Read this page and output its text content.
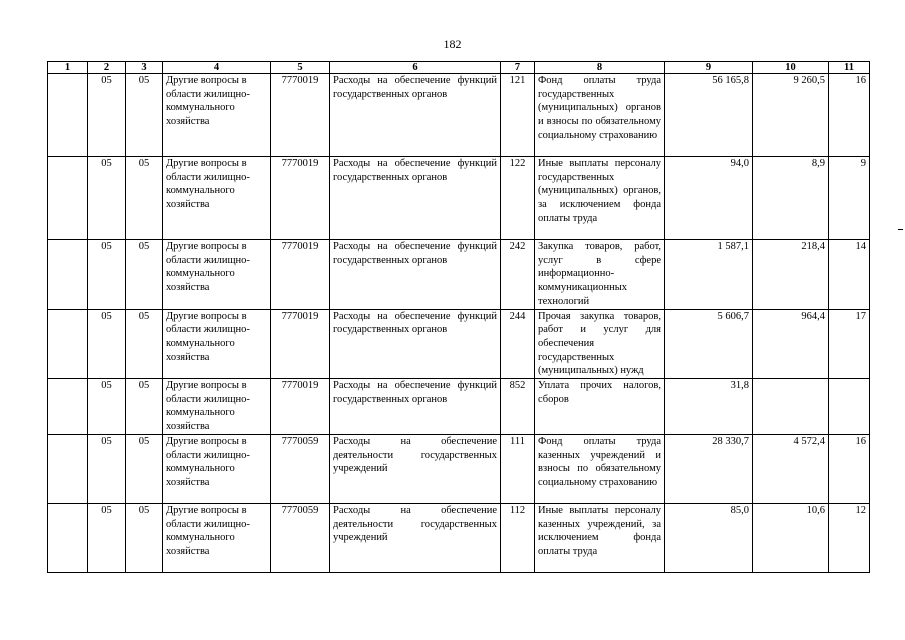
182
1	2	3	4	5	6	7	8	9	10	11
	05	05	Другие вопросы в области жилищно-коммунального хозяйства	7770019	Расходы на обеспечение функций государственных органов	121	Фонд оплаты труда государственных (муниципальных) органов и взносы по обязательному социальному страхованию	56 165,8	9 260,5	16
	05	05	Другие вопросы в области жилищно-коммунального хозяйства	7770019	Расходы на обеспечение функций государственных органов	122	Иные выплаты персоналу государственных (муниципальных) органов, за исключением фонда оплаты труда	94,0	8,9	9
	05	05	Другие вопросы в области жилищно-коммунального хозяйства	7770019	Расходы на обеспечение функций государственных органов	242	Закупка товаров, работ, услуг в сфере информационно-коммуникационных технологий	1 587,1	218,4	14
	05	05	Другие вопросы в области жилищно-коммунального хозяйства	7770019	Расходы на обеспечение функций государственных органов	244	Прочая закупка товаров, работ и услуг для обеспечения государственных (муниципальных) нужд	5 606,7	964,4	17
	05	05	Другие вопросы в области жилищно-коммунального хозяйства	7770019	Расходы на обеспечение функций государственных органов	852	Уплата прочих налогов, сборов	31,8		
	05	05	Другие вопросы в области жилищно-коммунального хозяйства	7770059	Расходы на обеспечение деятельности государственных учреждений	111	Фонд оплаты труда казенных учреждений и взносы по обязательному социальному страхованию	28 330,7	4 572,4	16
	05	05	Другие вопросы в области жилищно-коммунального хозяйства	7770059	Расходы на обеспечение деятельности государственных учреждений	112	Иные выплаты персоналу казенных учреждений, за исключением фонда оплаты труда	85,0	10,6	12
